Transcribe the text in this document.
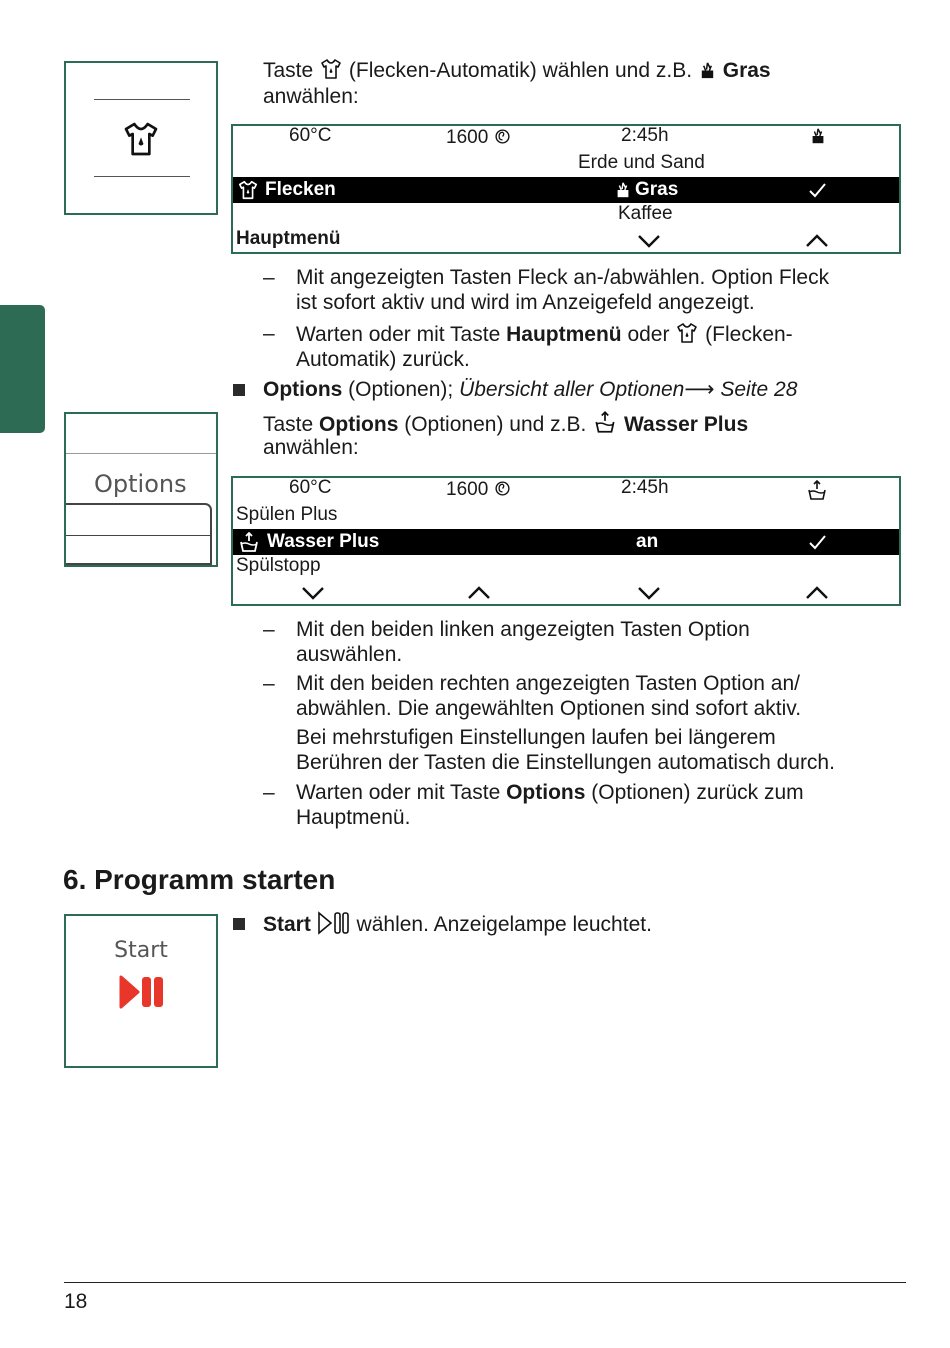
Taste (Flecken-Automatik) wählen und z.B. Gras
anwählen:
60°C	1600	2:45h
Erde und Sand
Flecken	Gras
Kaffee
Hauptmenü
– Mit angezeigten Tasten Fleck an-/abwählen. Option Fleck
ist sofort aktiv und wird im Anzeigefeld angezeigt.
– Warten oder mit Taste Hauptmenü oder (Flecken-
Automatik) zurück.
Options (Optionen); Übersicht aller Optionen⟶ Seite 28
Taste Options (Optionen) und z.B. Wasser Plus
anwählen:
Options	60°C	1600	2:45h
Spülen Plus
Wasser Plus	an
Spülstopp
– Mit den beiden linken angezeigten Tasten Option
auswählen.
– Mit den beiden rechten angezeigten Tasten Option an/
abwählen. Die angewählten Optionen sind sofort aktiv.
Bei mehrstufigen Einstellungen laufen bei längerem
Berühren der Tasten die Einstellungen automatisch durch.
– Warten oder mit Taste Options (Optionen) zurück zum
Hauptmenü.
6. Programm starten
Start
Start wählen. Anzeigelampe leuchtet.
18
